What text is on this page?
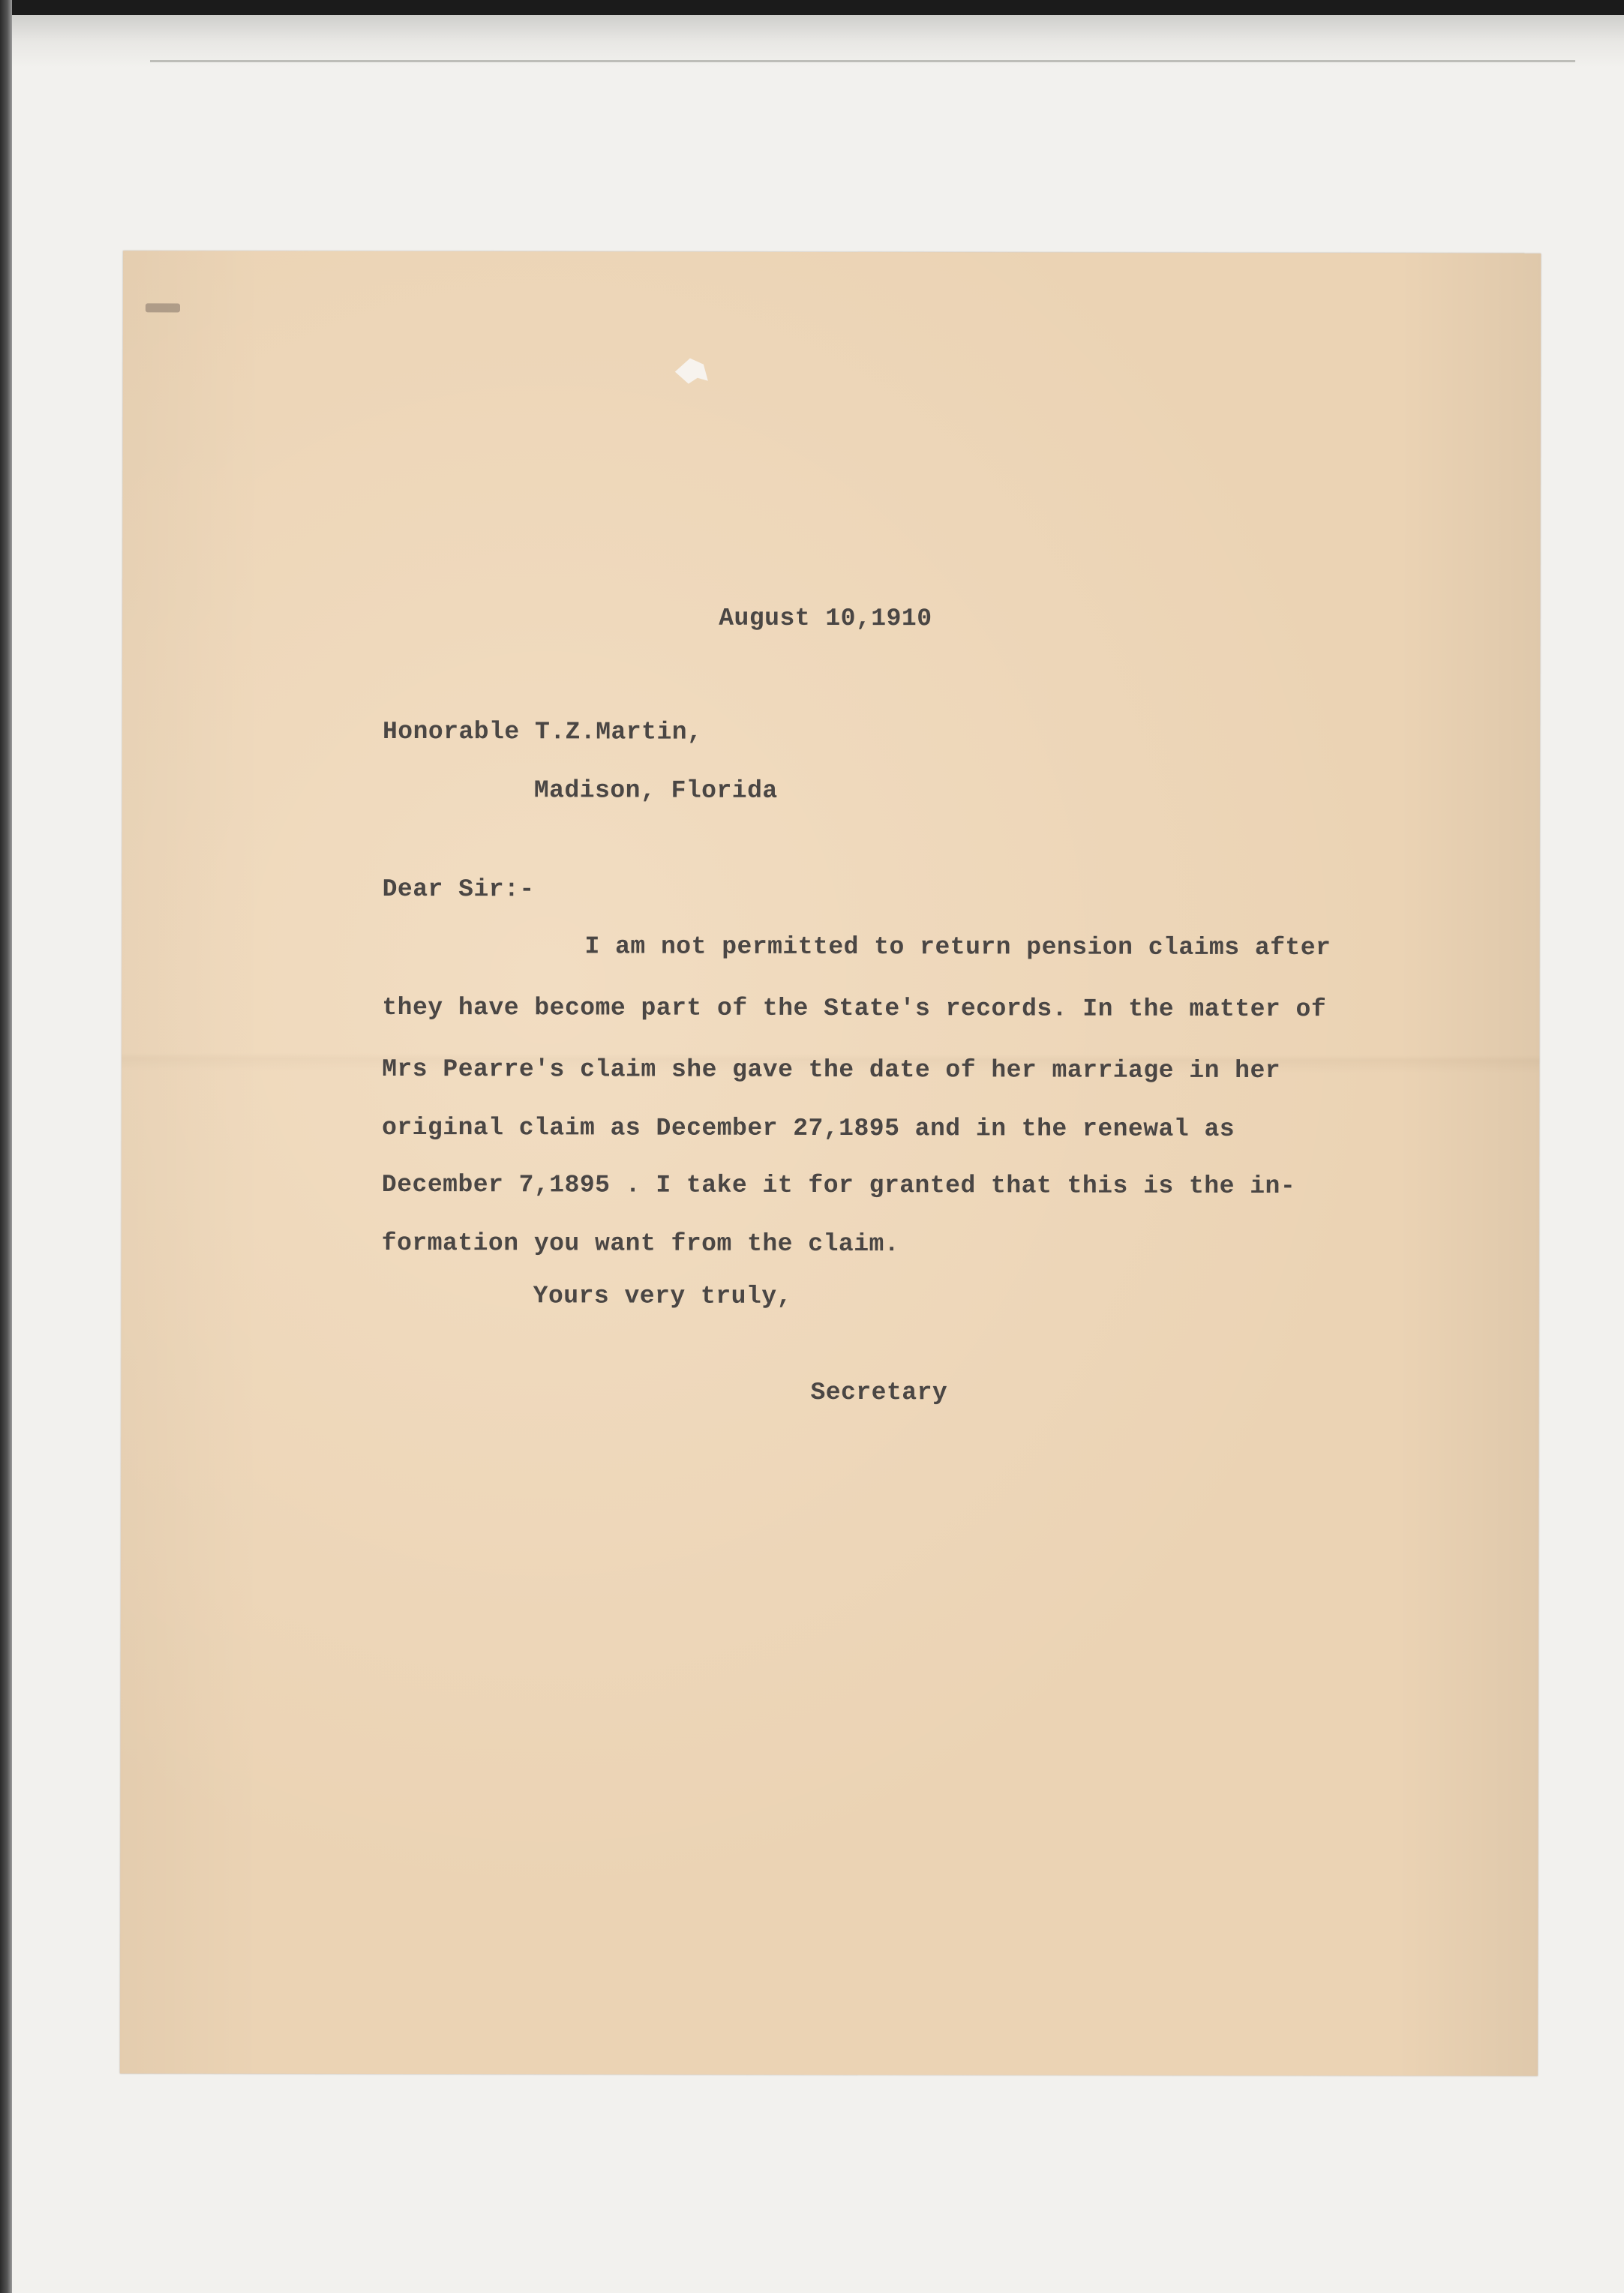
August 10,1910
Honorable T.Z.Martin,
Madison, Florida
Dear Sir:-
I am not permitted to return pension claims after
they have become part of the State's records. In the matter of
Mrs Pearre's claim she gave the date of her marriage in her
original claim as December 27,1895 and in the renewal as
December 7,1895 . I take it for granted that this is the in-
formation you want from the claim.
Yours very truly,
Secretary
